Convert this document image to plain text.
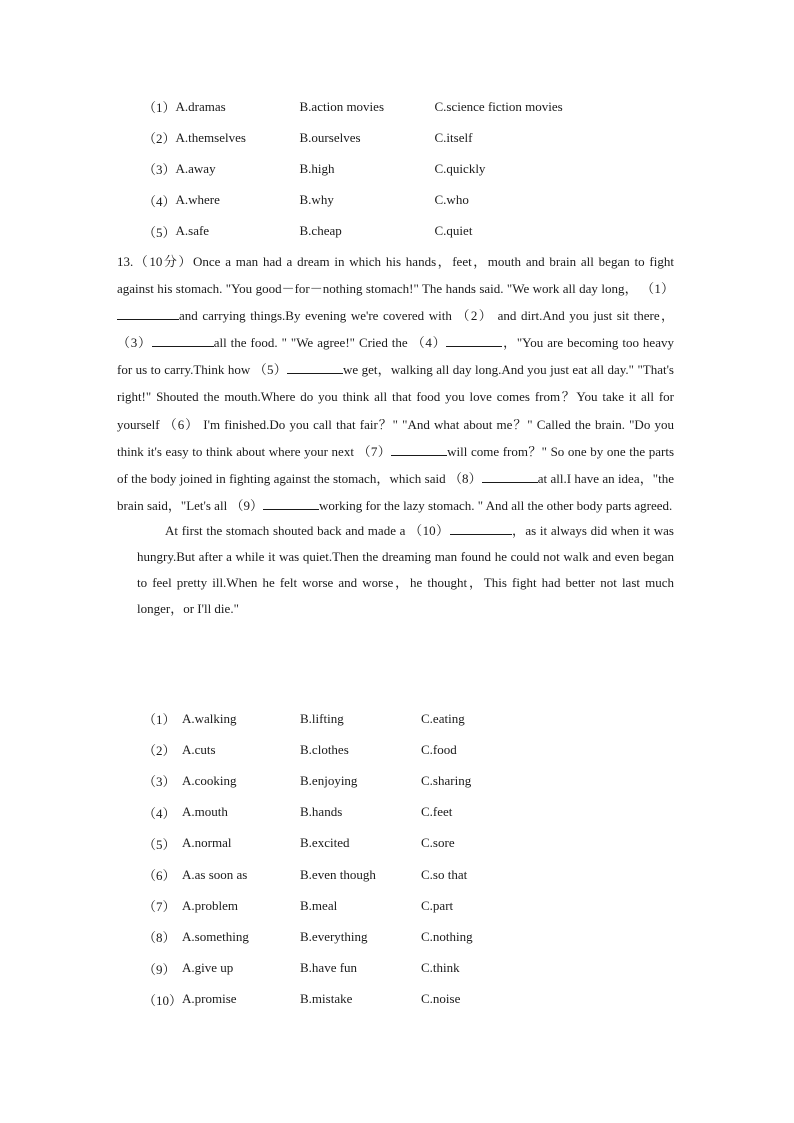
（1）	A.dramas	B.action movies	C.science fiction movies
（2）	A.themselves	B.ourselves	C.itself
（3）	A.away	B.high	C.quickly
（4）	A.where	B.why	C.who
（5）	A.safe	B.cheap	C.quiet

13.（10分）Once a man had a dream in which his hands，feet，mouth and brain all began to fight against his stomach. "You good－for－nothing stomach!" The hands said. "We work all day long， （1）and carrying things.By evening we're covered with （2） and dirt.And you just sit there，（3）	all the food. " "We agree!" Cried the （4）	，"You are becoming too heavy for us to carry.Think how （5）	we get，walking all day long.And you just eat all day." "That's right!" Shouted the mouth.Where do you think all that food you love comes from？You take it all for yourself （6） I'm finished.Do you call that fair？" "And what about me？" Called the brain. "Do you think it's easy to think about where your next （7）	will come from？" So one by one the parts of the body joined in fighting against the stomach，which said （8）	at all.I have an idea，"the brain said，"Let's all （9）	working for the lazy stomach. " And all the other body parts agreed.

At first the stomach shouted back and made a （10）	，as it always did when it was hungry.But after a while it was quiet.Then the dreaming man found he could not walk and even began to feel pretty ill.When he felt worse and worse，he thought，This fight had better not last much longer，or I'll die."

（1）	A.walking	B.lifting	C.eating
（2）	A.cuts	B.clothes	C.food
（3）	A.cooking	B.enjoying	C.sharing
（4）	A.mouth	B.hands	C.feet
（5）	A.normal	B.excited	C.sore
（6）	A.as soon as	B.even though	C.so that
（7）	A.problem	B.meal	C.part
（8）	A.something	B.everything	C.nothing
（9）	A.give up	B.have fun	C.think
（10）	A.promise	B.mistake	C.noise
